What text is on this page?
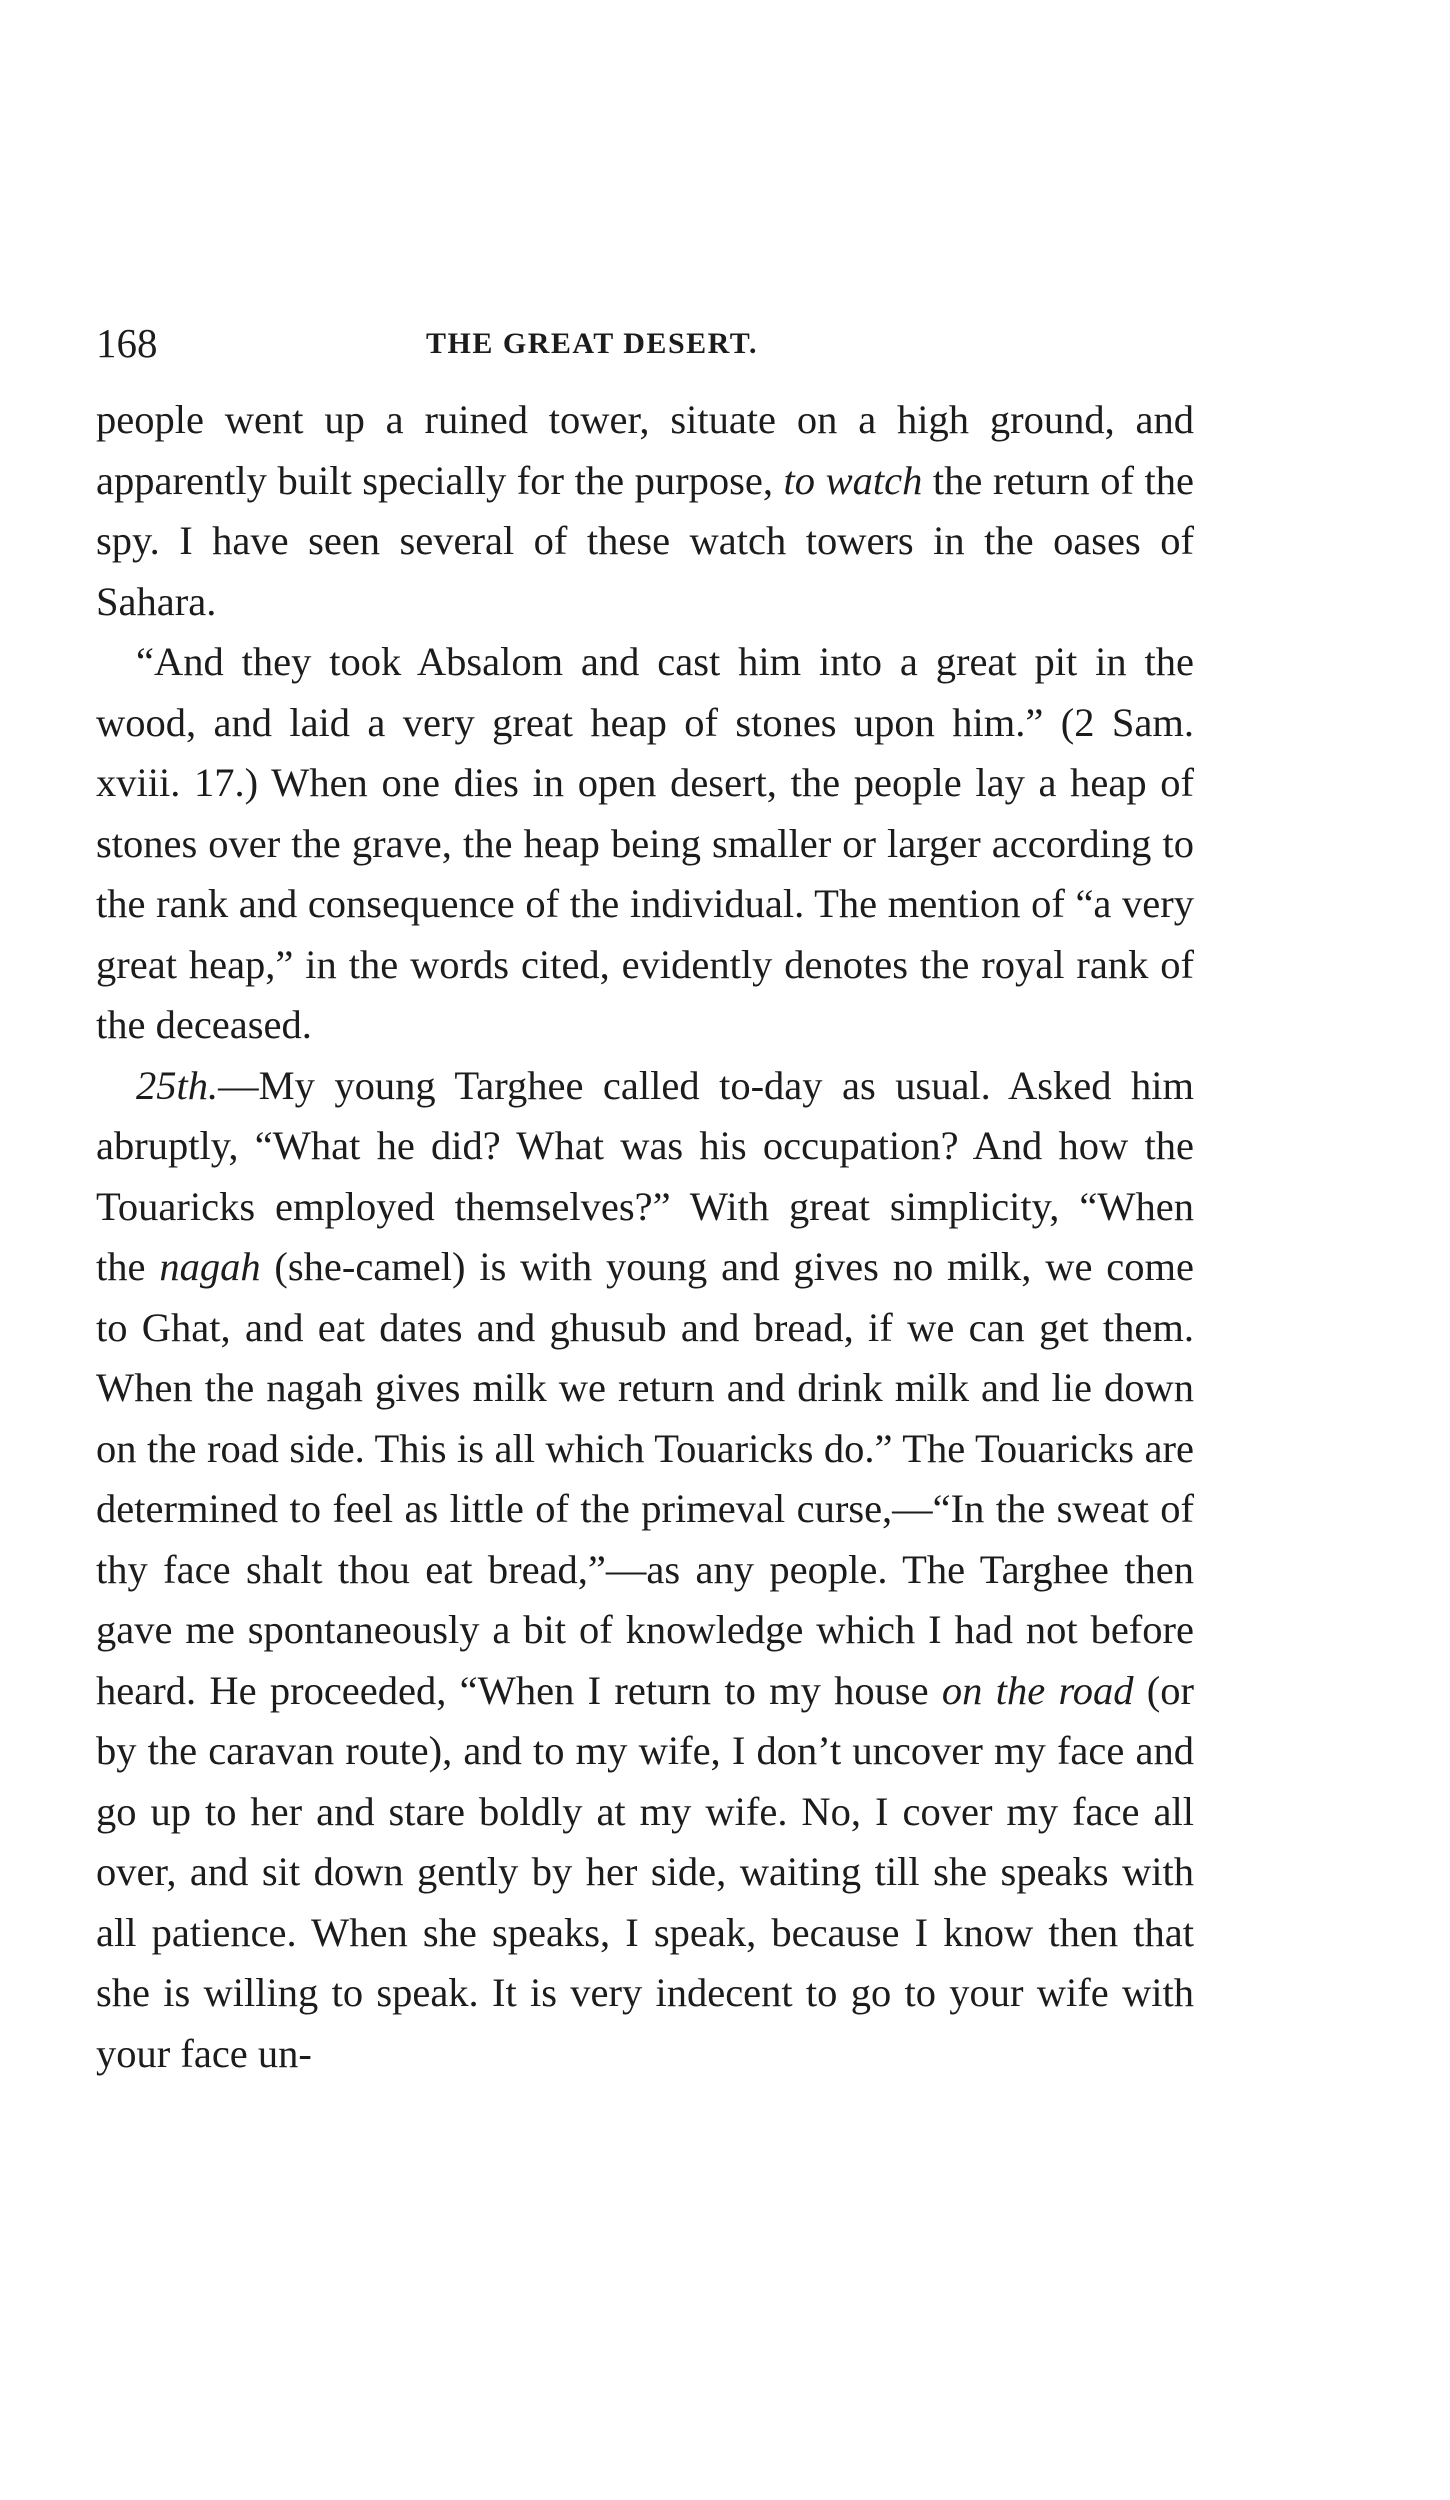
168	THE GREAT DESERT.

people went up a ruined tower, situate on a high ground, and apparently built specially for the purpose, to watch the return of the spy. I have seen several of these watch towers in the oases of Sahara.

“And they took Absalom and cast him into a great pit in the wood, and laid a very great heap of stones upon him.” (2 Sam. xviii. 17.) When one dies in open desert, the people lay a heap of stones over the grave, the heap being smaller or larger according to the rank and consequence of the individual. The mention of “a very great heap,” in the words cited, evidently denotes the royal rank of the deceased.

25th.—My young Targhee called to-day as usual. Asked him abruptly, “What he did? What was his occupation? And how the Touaricks employed themselves?” With great simplicity, “When the nagah (she-camel) is with young and gives no milk, we come to Ghat, and eat dates and ghusub and bread, if we can get them. When the nagah gives milk we return and drink milk and lie down on the road side. This is all which Touaricks do.” The Touaricks are determined to feel as little of the primeval curse,—“In the sweat of thy face shalt thou eat bread,”—as any people. The Targhee then gave me spontaneously a bit of knowledge which I had not before heard. He proceeded, “When I return to my house on the road (or by the caravan route), and to my wife, I don’t uncover my face and go up to her and stare boldly at my wife. No, I cover my face all over, and sit down gently by her side, waiting till she speaks with all patience. When she speaks, I speak, because I know then that she is willing to speak. It is very indecent to go to your wife with your face un-
